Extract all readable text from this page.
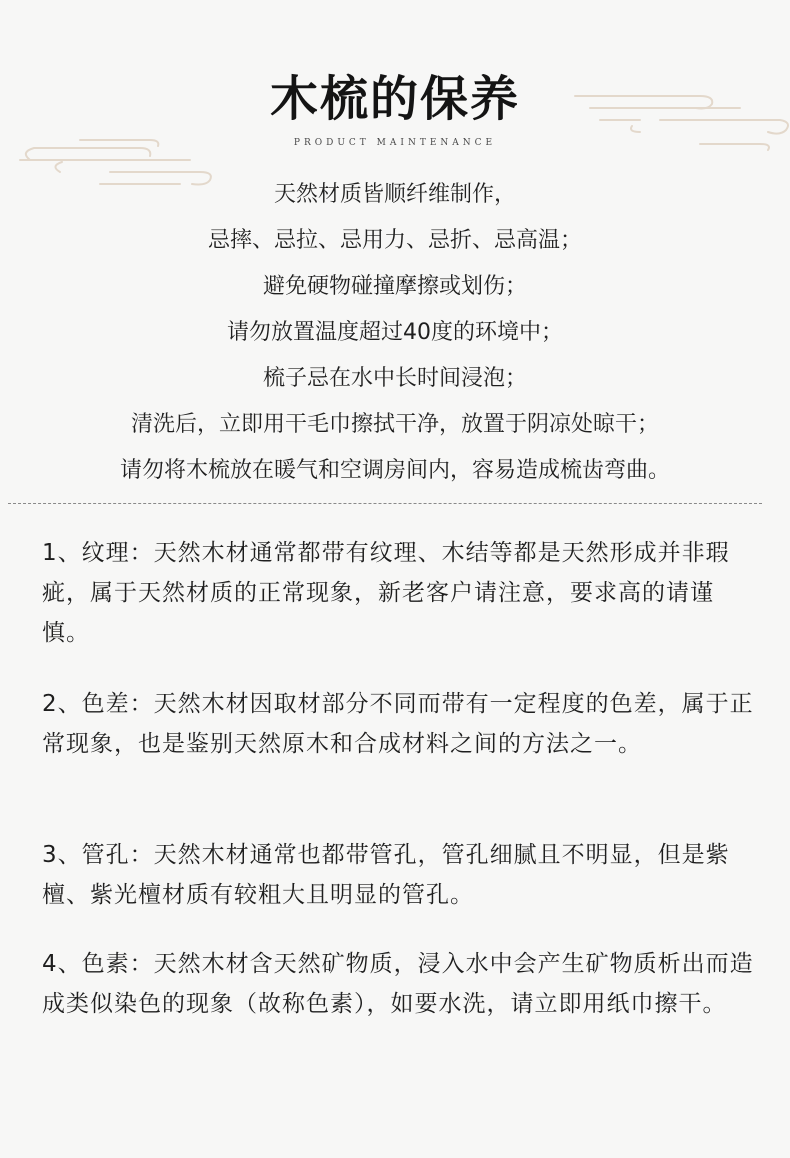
木梳的保养
PRODUCT MAINTENANCE
天然材质皆顺纤维制作，
忌摔、忌拉、忌用力、忌折、忌高温；
避免硬物碰撞摩擦或划伤；
请勿放置温度超过40度的环境中；
梳子忌在水中长时间浸泡；
清洗后，立即用干毛巾擦拭干净，放置于阴凉处晾干；
请勿将木梳放在暖气和空调房间内，容易造成梳齿弯曲。
1、纹理：天然木材通常都带有纹理、木结等都是天然形成并非瑕疵，属于天然材质的正常现象，新老客户请注意，要求高的请谨慎。
2、色差：天然木材因取材部分不同而带有一定程度的色差，属于正常现象，也是鉴别天然原木和合成材料之间的方法之一。
3、管孔：天然木材通常也都带管孔，管孔细腻且不明显，但是紫檀、紫光檀材质有较粗大且明显的管孔。
4、色素：天然木材含天然矿物质，浸入水中会产生矿物质析出而造成类似染色的现象（故称色素），如要水洗，请立即用纸巾擦干。
